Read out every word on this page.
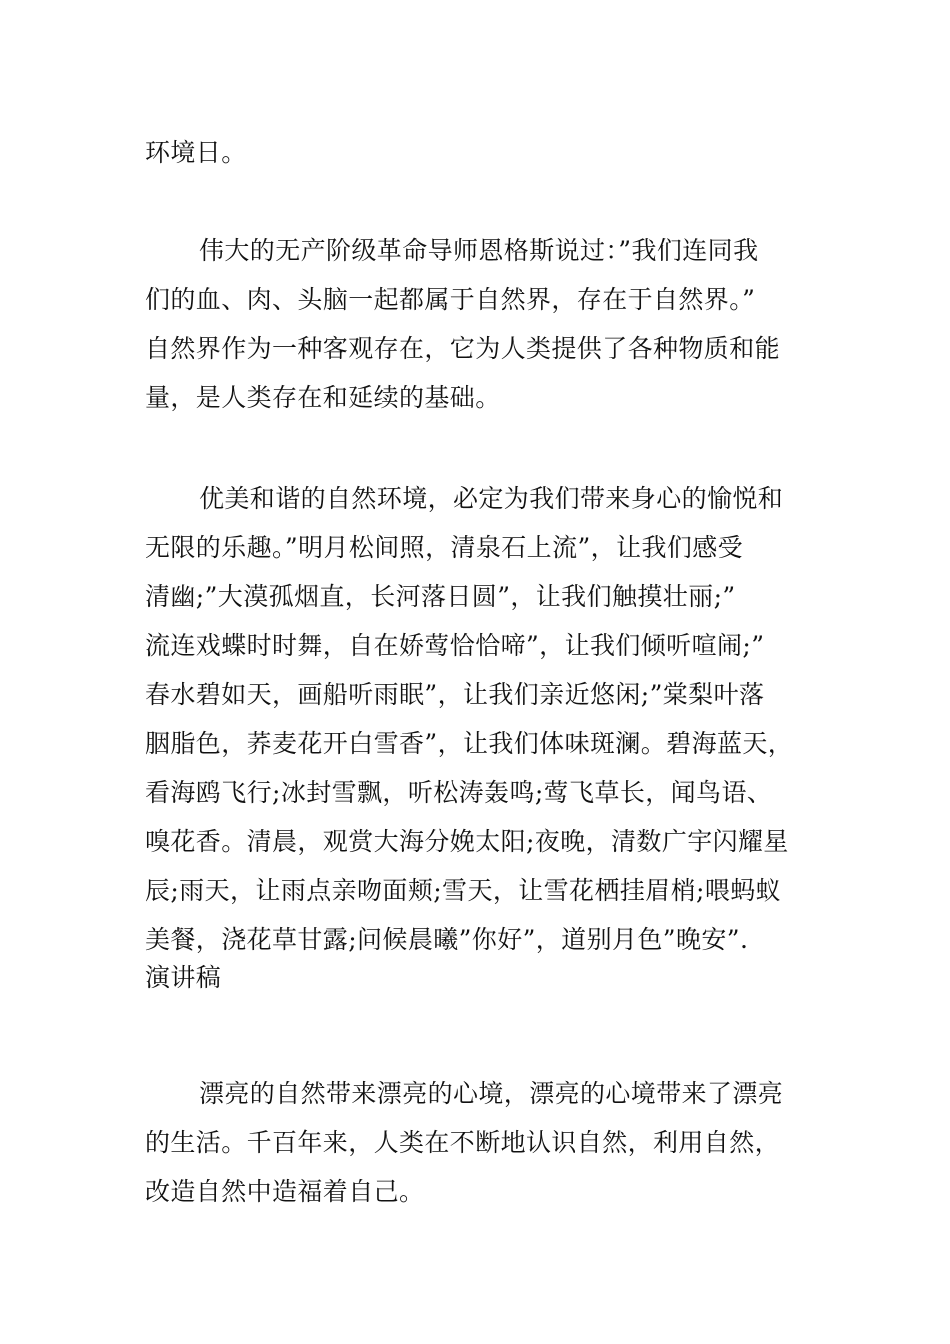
环境日。

伟大的无产阶级革命导师恩格斯说过：”我们连同我
们的血、肉、头脑一起都属于自然界，存在于自然界。”
自然界作为一种客观存在，它为人类提供了各种物质和能
量，是人类存在和延续的基础。

优美和谐的自然环境，必定为我们带来身心的愉悦和
无限的乐趣。”明月松间照，清泉石上流”，让我们感受
清幽;”大漠孤烟直，长河落日圆”，让我们触摸壮丽;”
流连戏蝶时时舞，自在娇莺恰恰啼”，让我们倾听喧闹;”
春水碧如天，画船听雨眠”，让我们亲近悠闲;”棠梨叶落
胭脂色，荞麦花开白雪香”，让我们体味斑澜。碧海蓝天，
看海鸥飞行;冰封雪飘，听松涛轰鸣;莺飞草长，闻鸟语、
嗅花香。清晨，观赏大海分娩太阳;夜晚，清数广宇闪耀星
辰;雨天，让雨点亲吻面颊;雪天，让雪花栖挂眉梢;喂蚂蚁
美餐，浇花草甘露;问候晨曦”你好”，道别月色”晚安”.
演讲稿

漂亮的自然带来漂亮的心境，漂亮的心境带来了漂亮
的生活。千百年来，人类在不断地认识自然，利用自然，
改造自然中造福着自己。
